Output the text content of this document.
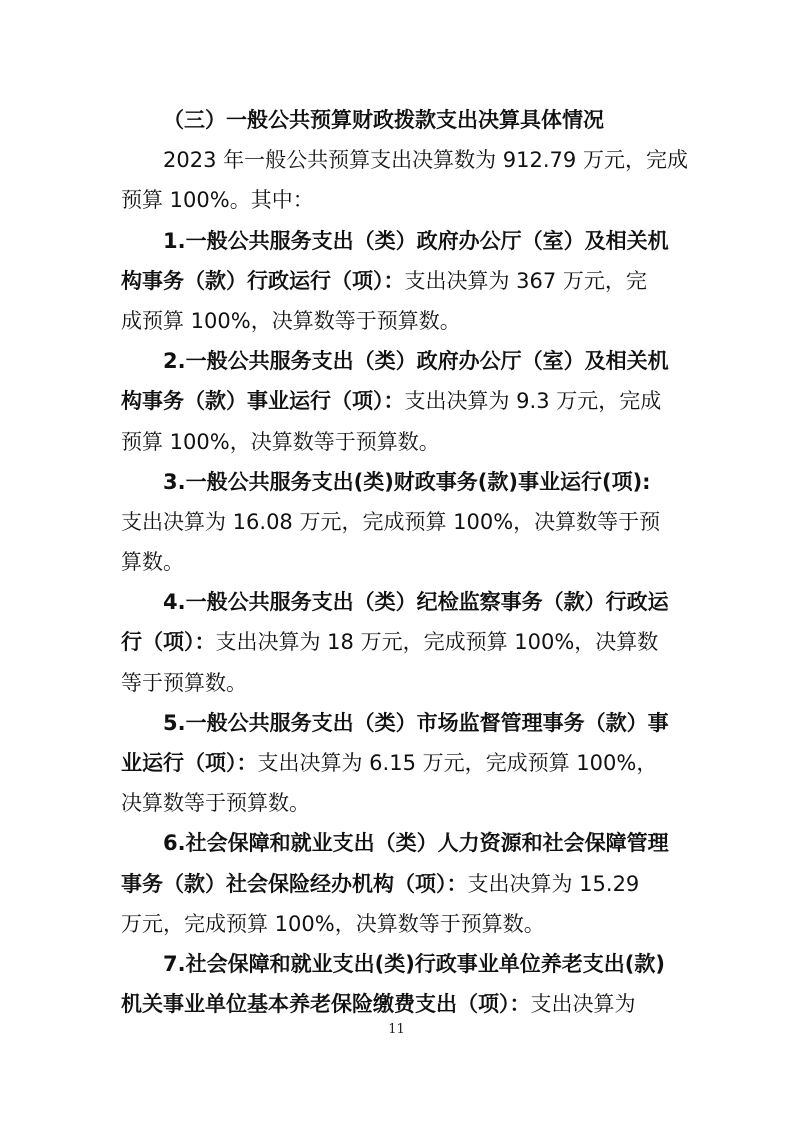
（三）一般公共预算财政拨款支出决算具体情况
2023 年一般公共预算支出决算数为 912.79 万元，完成
预算 100%。其中：
1.一般公共服务支出（类）政府办公厅（室）及相关机
构事务（款）行政运行（项）：支出决算为 367 万元，完
成预算 100%，决算数等于预算数。
2.一般公共服务支出（类）政府办公厅（室）及相关机
构事务（款）事业运行（项）：支出决算为 9.3 万元，完成
预算 100%，决算数等于预算数。
3.一般公共服务支出(类)财政事务(款)事业运行(项):
支出决算为 16.08 万元，完成预算 100%，决算数等于预
算数。
4.一般公共服务支出（类）纪检监察事务（款）行政运
行（项）：支出决算为 18 万元，完成预算 100%，决算数
等于预算数。
5.一般公共服务支出（类）市场监督管理事务（款）事
业运行（项）：支出决算为 6.15 万元，完成预算 100%，
决算数等于预算数。
6.社会保障和就业支出（类）人力资源和社会保障管理
事务（款）社会保险经办机构（项）：支出决算为 15.29
万元，完成预算 100%，决算数等于预算数。
7.社会保障和就业支出(类)行政事业单位养老支出(款)
机关事业单位基本养老保险缴费支出（项）：支出决算为
11
